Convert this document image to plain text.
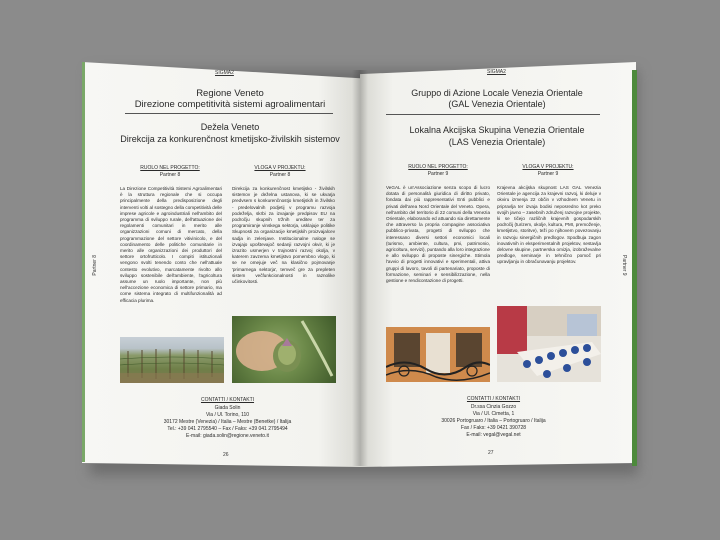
SIGMA2
Partner 8
Regione Veneto
Direzione competitività sistemi agroalimentari
Dežela Veneto
Direkcija za konkurenčnost kmetijsko-živilskih sistemov
RUOLO NEL PROGETTO:
Partner 8
VLOGA V PROJEKTU:
Partner 8
La Direzione Competitività Sistemi Agroalimentari è la struttura regionale che si occupa principalmente della predisposizione degli interventi volti al sostegno della competitività delle imprese agricole e agroindustriali nell'ambito del programma di sviluppo rurale, dell'attuazione dei regolamenti comunitari in merito alle organizzazioni comuni di mercato, della programmazione del settore vitivinicolo, e del coordinamento delle politiche comunitarie in merito alle organizzazioni dei produttori del settore ortofrutticolo. I compiti istituzionali vengono svolti tenendo conto che nell'attuale contesto evolutivo, marcatamente rivolto allo sviluppo sostenibile dell'ambiente, l'agricoltura assume un ruolo importante, non più nell'accezione economica di settore primario, ma come sistema integrato di multifunzionalità ad efficacia plurima.
Direkcija za konkurenčnost kmetijsko - živilskih sistemov je deželna ustanova, ki se ukvarja predvsem s konkurenčnostjo kmetijskih in živilsko - predelovalnih podjetij v programu razvoja podeželja, skrbi za izvajanje predpisov EU na področju skupnih tržnih ureditev ter za programiranje vinskega sektorja, usklajuje politike Skupnosti za organizacije kmetijskih proizvajalcev sadja in zelenjave. Institucionalne naloge se izvajajo upoštevajoč sedanji razvojni okvir, ki je izrazito usmerjen v trajnostni razvoj okolja, v katerem zavzema kmetijstvo pomembno vlogo, ki se ne omejuje več na klasično pojmovanje 'primarnega sektorja', temveč gre za prepleten sistem večfunkcionalnosti in raznolike učinkovitosti.
CONTATTI / KONTAKTI
Giada Solin
Via / Ul. Torino, 110
30172 Mestre (Venezia) / Italia – Mestre (Benetke) / Italija
Tel.: +39 041 2795540 – Fax / Faks: +39 041 2795494
E-mail: giada.solin@regione.veneto.it
26
SIGMA2
Partner 9
Gruppo di Azione Locale Venezia Orientale
(GAL Venezia Orientale)
Lokalna Akcijska Skupina Venezia Orientale
(LAS Venezia Orientale)
RUOLO NEL PROGETTO:
Partner 9
VLOGA V PROJEKTU:
Partner 9
VeGAL è un'Associazione senza scopo di lucro dotata di personalità giuridica di diritto privato, fondata dai più rappresentativi Enti pubblici e privati dell'area Nord Orientale del Veneto. Opera, nell'ambito del territorio di 22 comuni della Venezia Orientale, elaborando ed attuando sia direttamente che attraverso la propria compagine associativa pubblico-privata, progetti di sviluppo che interessano diversi settori economici locali (turismo, ambiente, cultura, pmi, patrimonio, agricoltura, servizi), puntando alla loro integrazione e allo sviluppo di proposte sinergiche. Stimola l'avvio di progetti innovativi e sperimentali, attiva gruppi di lavoro, tavoli di partenariato, proposte di formazione, seminari e sensibilizzazione, nella gestione e rendicontazione di progetti.
Krajevna akcijska skupnost LAS GAL Venezia Orientale je agencija za krajevni razvoj, ki deluje v okviru izmenja 22 občin v vzhodnem Venetu in pripravlja ter izvaja bodisi neposredno kot preko svojih javno – zasebnih združenj razvojne projekte, ki se tičejo različnih krajevnih gospodarskih področij (turizem, okolje, kultura, PMI, premoženje, kmetijstvo, storitve), teži po njihovem povezovanju in razvoju sinergičnih predlogov. Spodbuja zagon inovativnih in eksperimentalnih projektov, sestavlja delovne skupine, partnerska omizja, izobraževalne predloge, seminarje in tehnično pomoč pri upravljanju in obračunavanju projektov.
CONTATTI / KONTAKTI
Dr.ssa Cinzia Gozzo
Via / Ul. Cimetta, 1
30026 Portogruaro / Italia – Portogruaro / Italija
Fax / Faks: +39 0421 390728
E-mail: vegal@vegal.net
27
